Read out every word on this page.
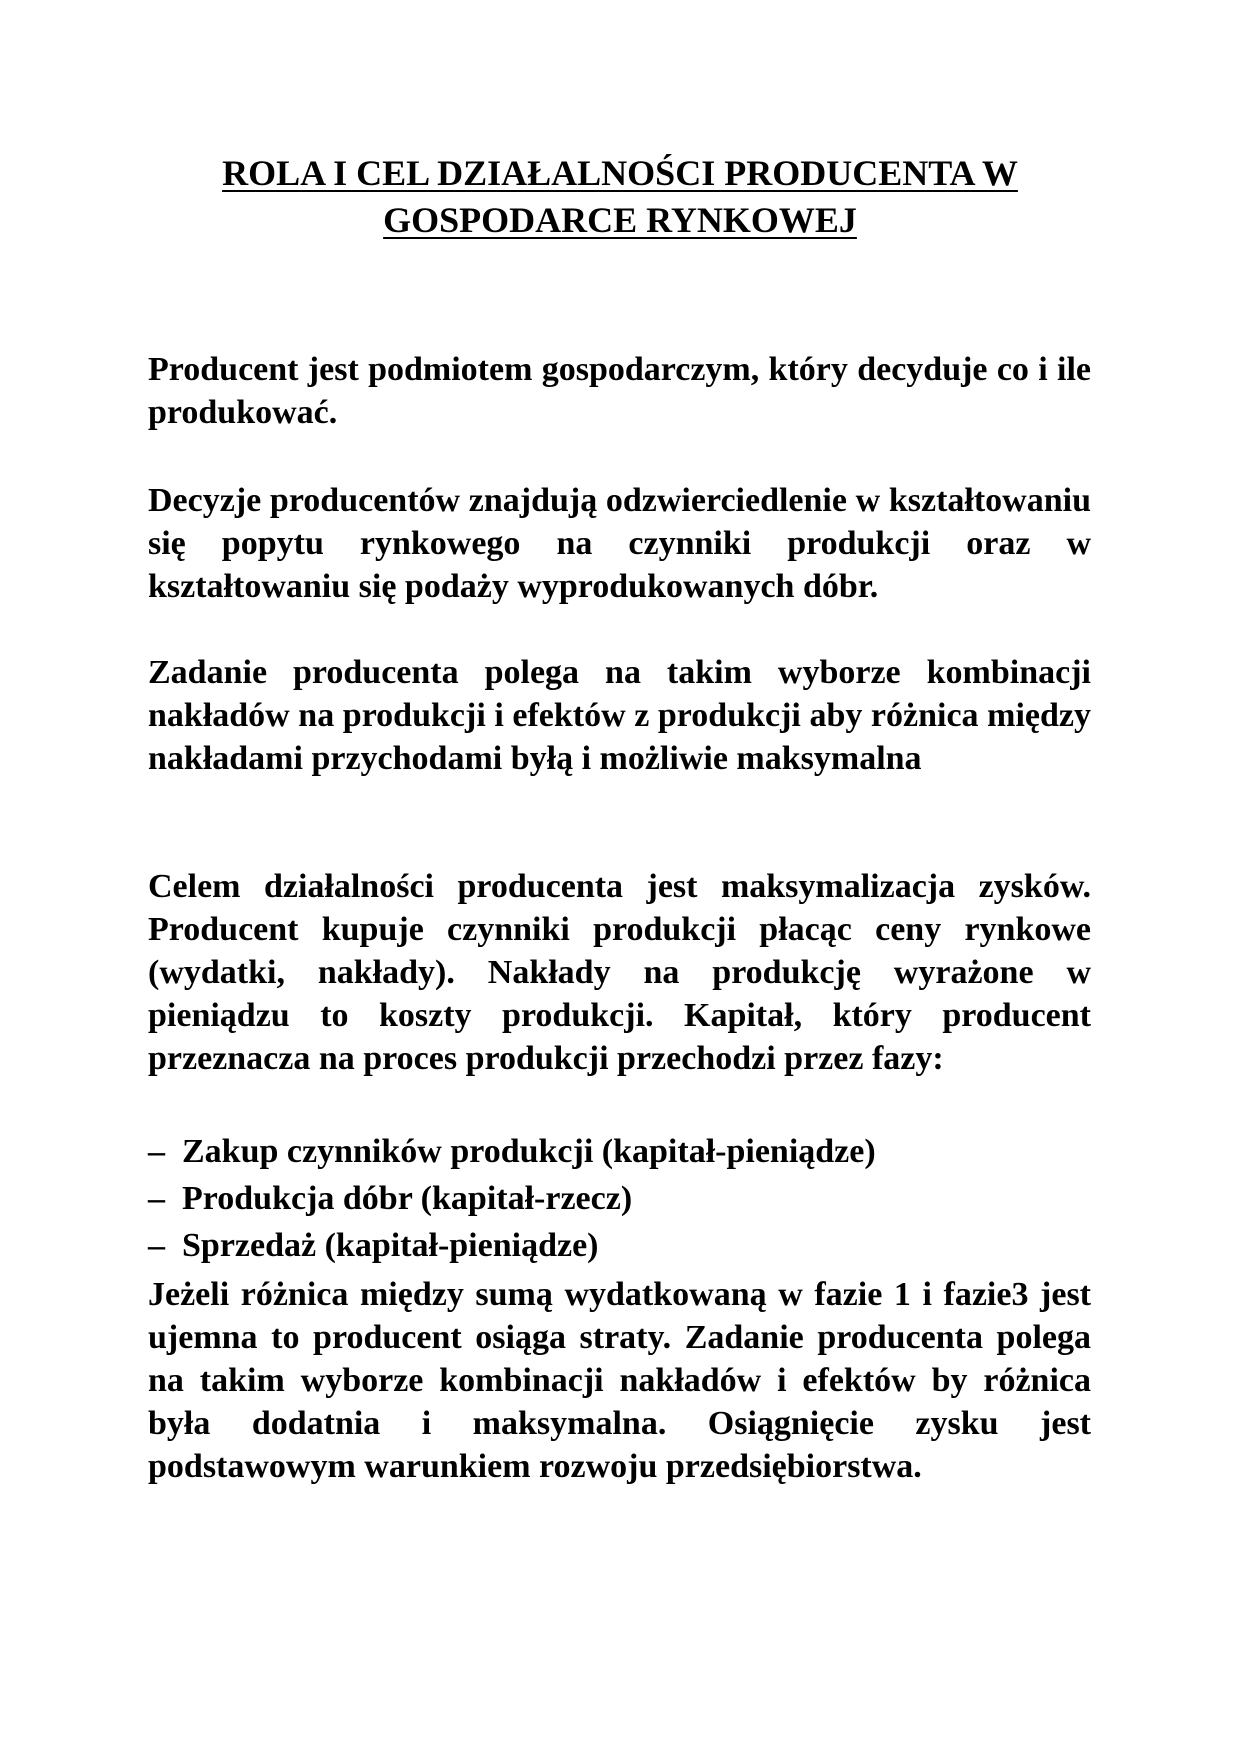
ROLA I CEL DZIAŁALNOŚCI PRODUCENTA W
GOSPODARCE RYNKOWEJ

Producent jest podmiotem gospodarczym, który decyduje co i ile produkować.

Decyzje producentów znajdują odzwierciedlenie w kształtowaniu się popytu rynkowego na czynniki produkcji oraz w kształtowaniu się podaży wyprodukowanych dóbr.

Zadanie producenta polega na takim wyborze kombinacji nakładów na produkcji i efektów z produkcji aby różnica między nakładami przychodami byłą i możliwie maksymalna

Celem działalności producenta jest maksymalizacja zysków. Producent kupuje czynniki produkcji płacąc ceny rynkowe (wydatki, nakłady). Nakłady na produkcję wyrażone w pieniądzu to koszty produkcji. Kapitał, który producent przeznacza na proces produkcji przechodzi przez fazy:

– Zakup czynników produkcji (kapitał-pieniądze)
– Produkcja dóbr (kapitał-rzecz)
– Sprzedaż (kapitał-pieniądze)

Jeżeli różnica między sumą wydatkowaną w fazie 1 i fazie3 jest ujemna to producent osiąga straty. Zadanie producenta polega na takim wyborze kombinacji nakładów i efektów by różnica była dodatnia i maksymalna. Osiągnięcie zysku jest podstawowym warunkiem rozwoju przedsiębiorstwa.
